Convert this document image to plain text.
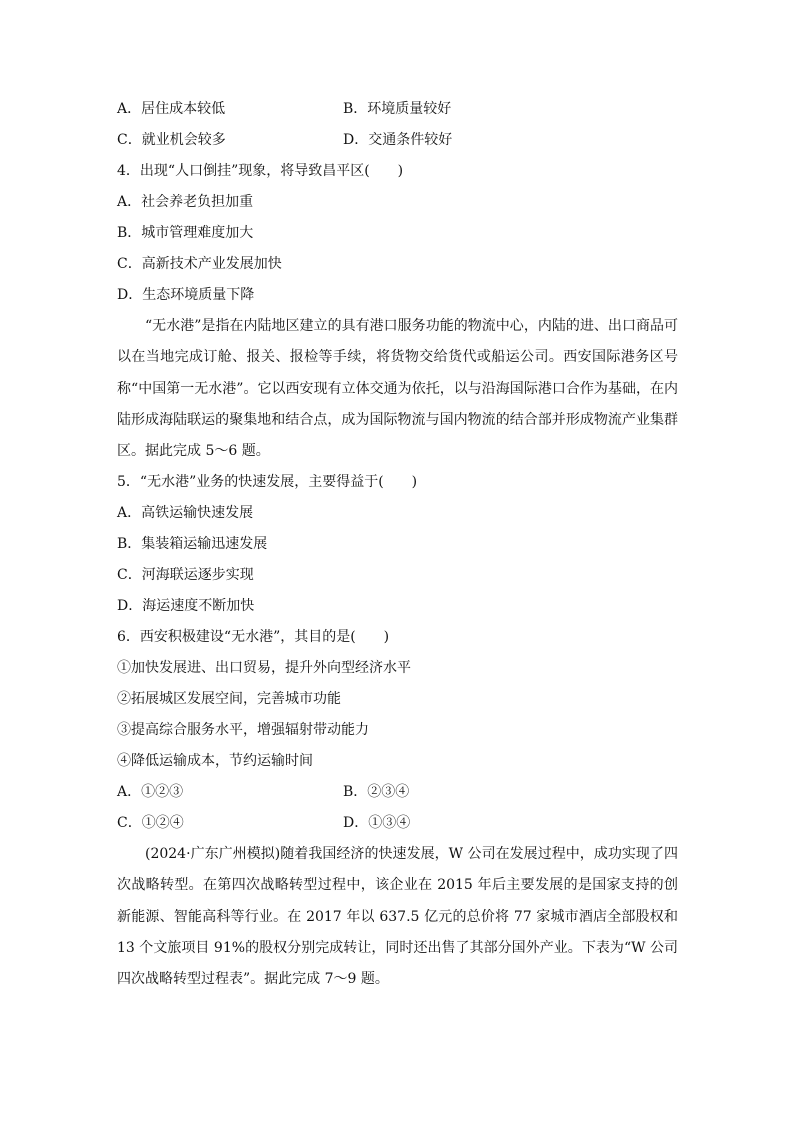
A．居住成本较低	B．环境质量较好
C．就业机会较多	D．交通条件较好
4．出现“人口倒挂”现象，将导致昌平区(　　)
A．社会养老负担加重
B．城市管理难度加大
C．高新技术产业发展加快
D．生态环境质量下降
“无水港”是指在内陆地区建立的具有港口服务功能的物流中心，内陆的进、出口商品可以在当地完成订舱、报关、报检等手续，将货物交给货代或船运公司。西安国际港务区号称“中国第一无水港”。它以西安现有立体交通为依托，以与沿海国际港口合作为基础，在内陆形成海陆联运的聚集地和结合点，成为国际物流与国内物流的结合部并形成物流产业集群区。据此完成 5～6 题。
5．“无水港”业务的快速发展，主要得益于(　　)
A．高铁运输快速发展
B．集装箱运输迅速发展
C．河海联运逐步实现
D．海运速度不断加快
6．西安积极建设“无水港”，其目的是(　　)
①加快发展进、出口贸易，提升外向型经济水平
②拓展城区发展空间，完善城市功能
③提高综合服务水平，增强辐射带动能力
④降低运输成本，节约运输时间
A．①②③	B．②③④
C．①②④	D．①③④
(2024·广东广州模拟)随着我国经济的快速发展，W 公司在发展过程中，成功实现了四次战略转型。在第四次战略转型过程中，该企业在 2015 年后主要发展的是国家支持的创新能源、智能高科等行业。在 2017 年以 637.5 亿元的总价将 77 家城市酒店全部股权和 13 个文旅项目 91%的股权分别完成转让，同时还出售了其部分国外产业。下表为“W 公司四次战略转型过程表”。据此完成 7～9 题。
